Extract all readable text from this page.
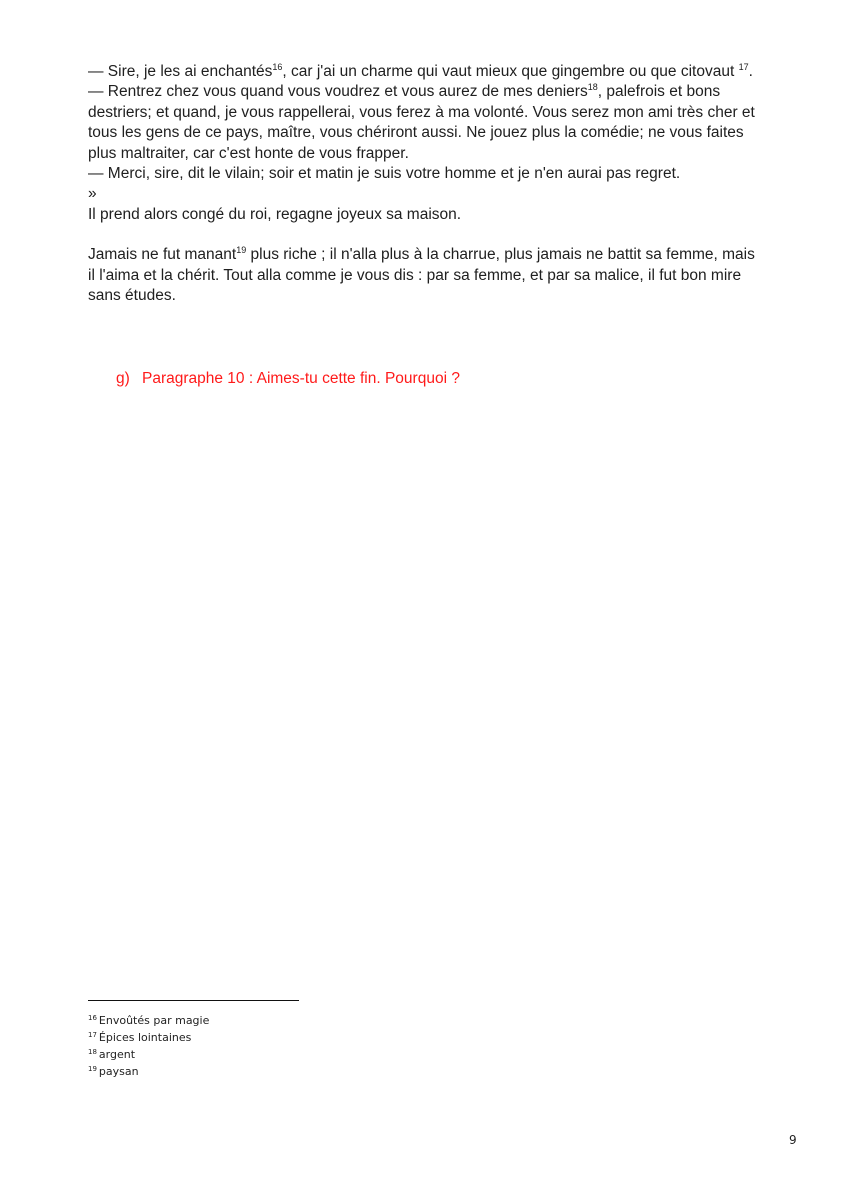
— Sire, je les ai enchantés$^{16}$, car j'ai un charme qui vaut mieux que gingembre ou que citovaut $^{17}$.

— Rentrez chez vous quand vous voudrez et vous aurez de mes deniers$^{18}$, palefrois et bons destriers; et quand, je vous rappellerai, vous ferez à ma volonté. Vous serez mon ami très cher et tous les gens de ce pays, maître, vous chériront aussi. Ne jouez plus la comédie; ne vous faites plus maltraiter, car c'est honte de vous frapper.

— Merci, sire, dit le vilain; soir et matin je suis votre homme et je n'en aurai pas regret.

»

Il prend alors congé du roi, regagne joyeux sa maison.

Jamais ne fut manant$^{19}$ plus riche ; il n'alla plus à la charrue, plus jamais ne battit sa femme, mais il l'aima et la chérit. Tout alla comme je vous dis : par sa femme, et par sa malice, il fut bon mire sans études.

g) Paragraphe 10 : Aimes-tu cette fin. Pourquoi ?
$^{16}$ Envoûtés par magie
$^{17}$ Épices lointaines
$^{18}$ argent
$^{19}$ paysan
9
